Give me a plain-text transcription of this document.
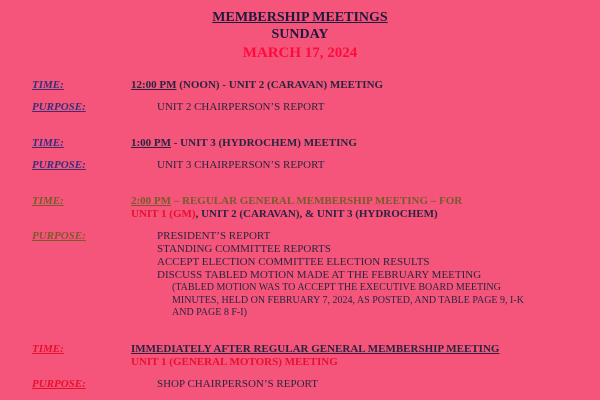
MEMBERSHIP MEETINGS
SUNDAY
MARCH 17, 2024
TIME:	12:00 PM (NOON) - UNIT 2 (CARAVAN) MEETING
PURPOSE:	UNIT 2 CHAIRPERSON’S REPORT
TIME:	1:00 PM - UNIT 3 (HYDROCHEM) MEETING
PURPOSE:	UNIT 3 CHAIRPERSON’S REPORT
TIME:	2:00 PM – REGULAR GENERAL MEMBERSHIP MEETING – FOR
UNIT 1 (GM), UNIT 2 (CARAVAN), & UNIT 3 (HYDROCHEM)
PURPOSE:	PRESIDENT’S REPORT
STANDING COMMITTEE REPORTS
ACCEPT ELECTION COMMITTEE ELECTION RESULTS
DISCUSS TABLED MOTION MADE AT THE FEBRUARY MEETING
(TABLED MOTION WAS TO ACCEPT THE EXECUTIVE BOARD MEETING
MINUTES, HELD ON FEBRUARY 7, 2024, AS POSTED, AND TABLE PAGE 9, I-K
AND PAGE 8 F-I)
TIME:	IMMEDIATELY AFTER REGULAR GENERAL MEMBERSHIP MEETING
UNIT 1 (GENERAL MOTORS) MEETING
PURPOSE:	SHOP CHAIRPERSON’S REPORT
